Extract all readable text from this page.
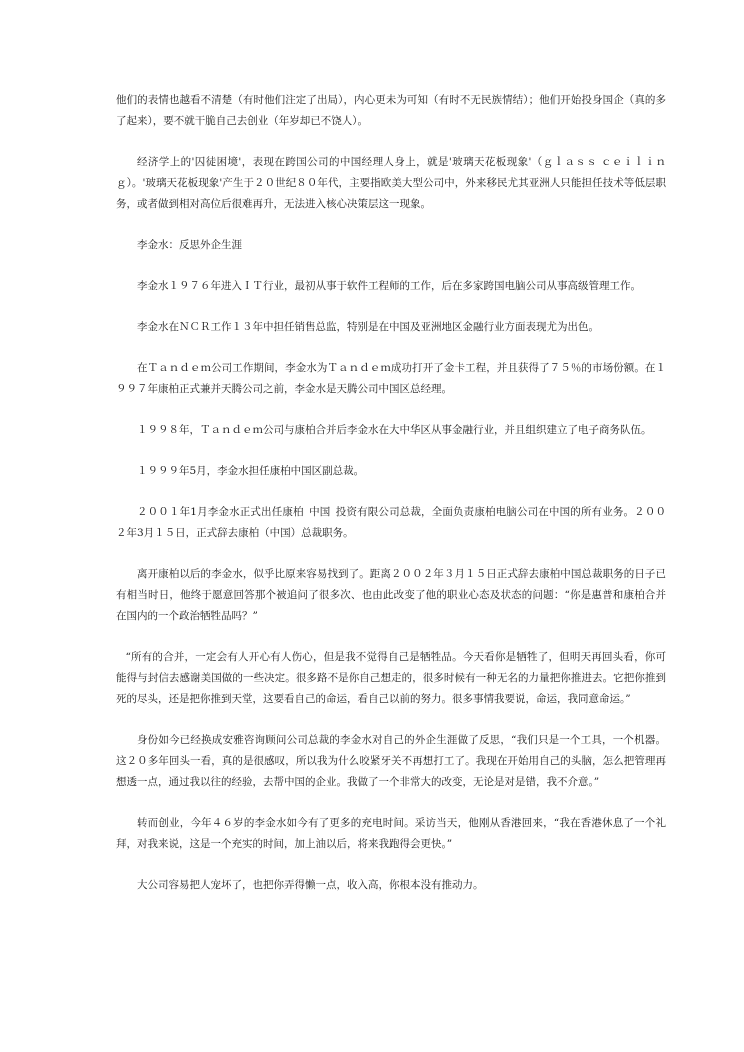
他们的表情也越看不清楚（有时他们注定了出局），内心更未为可知（有时不无民族情结）；他们开始投身国企（真的多了起来），要不就干脆自己去创业（年岁却已不饶人）。

经济学上的'囚徒困境'，表现在跨国公司的中国经理人身上，就是'玻璃天花板现象'（ｇｌａｓｓ ｃｅｉｌｉｎｇ）。'玻璃天花板现象'产生于２０世纪８０年代，主要指欧美大型公司中，外来移民尤其亚洲人只能担任技术等低层职务，或者做到相对高位后很难再升，无法进入核心决策层这一现象。

李金水：反思外企生涯

李金水１９７６年进入ＩＴ行业，最初从事于软件工程师的工作，后在多家跨国电脑公司从事高级管理工作。

李金水在ＮＣＲ工作１３年中担任销售总监，特别是在中国及亚洲地区金融行业方面表现尤为出色。

在Ｔａｎｄｅｍ公司工作期间，李金水为Ｔａｎｄｅｍ成功打开了金卡工程，并且获得了７５％的市场份额。在１９９７年康柏正式兼并天腾公司之前，李金水是天腾公司中国区总经理。

１９９８年，Ｔａｎｄｅｍ公司与康柏合并后李金水在大中华区从事金融行业，并且组织建立了电子商务队伍。

１９９９年5月，李金水担任康柏中国区副总裁。

２００１年1月李金水正式出任康柏 中国 投资有限公司总裁，全面负责康柏电脑公司在中国的所有业务。２００２年3月１５日，正式辞去康柏（中国）总裁职务。

离开康柏以后的李金水，似乎比原来容易找到了。距离２００２年３月１５日正式辞去康柏中国总裁职务的日子已有相当时日，他终于愿意回答那个被追问了很多次、也由此改变了他的职业心态及状态的问题：“你是惠普和康柏合并在国内的一个政治牺牲品吗？”

“所有的合并，一定会有人开心有人伤心，但是我不觉得自己是牺牲品。今天看你是牺牲了，但明天再回头看，你可能得与封信去感谢美国做的一些决定。很多路不是你自己想走的，很多时候有一种无名的力量把你推进去。它把你推到死的尽头，还是把你推到天堂，这要看自己的命运，看自己以前的努力。很多事情我要说，命运，我同意命运。”

身份如今已经换成安雅咨询顾问公司总裁的李金水对自己的外企生涯做了反思，“我们只是一个工具，一个机器。这２０多年回头一看，真的是很感叹，所以我为什么咬紧牙关不再想打工了。我现在开始用自己的头脑，怎么把管理再想透一点，通过我以往的经验，去帮中国的企业。我做了一个非常大的改变，无论是对是错，我不介意。”

转而创业，今年４６岁的李金水如今有了更多的充电时间。采访当天，他刚从香港回来，“我在香港休息了一个礼拜，对我来说，这是一个充实的时间，加上油以后，将来我跑得会更快。”

大公司容易把人宠坏了，也把你弄得懒一点，收入高，你根本没有推动力。
